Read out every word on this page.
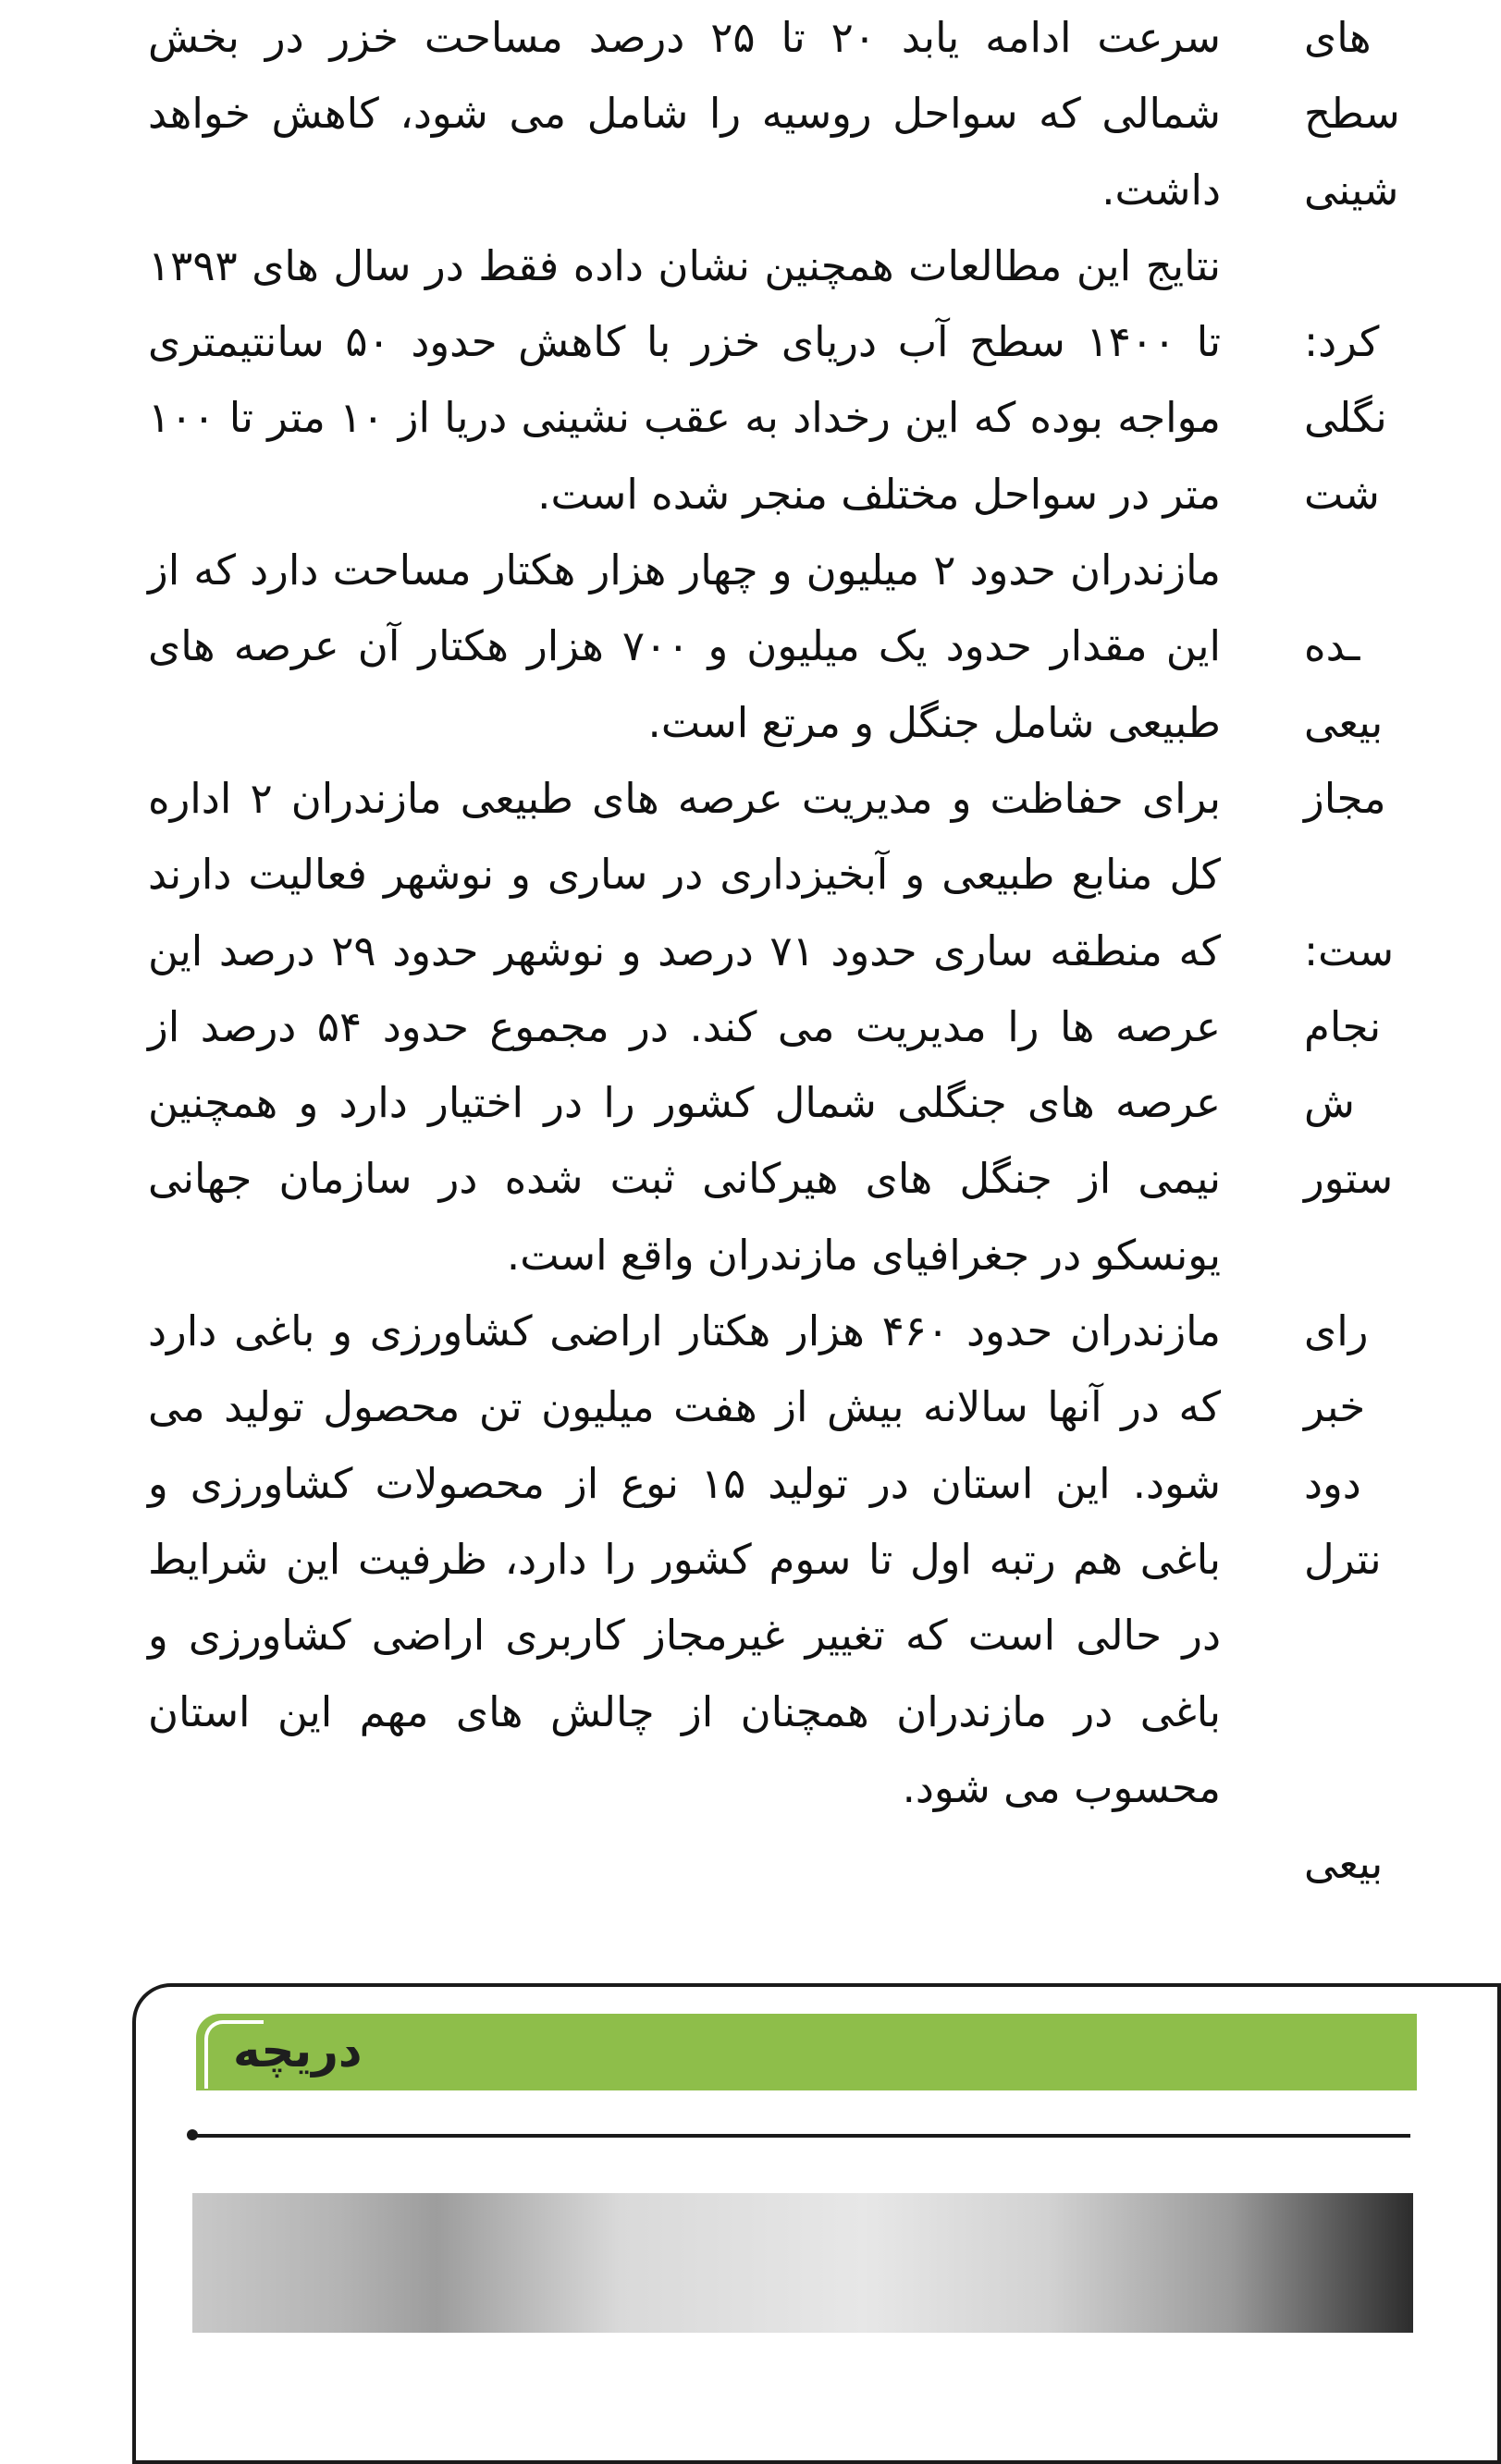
سرعت ادامه یابد ۲۰ تا ۲۵ درصد مساحت خزر در بخش شمالی که سواحل روسیه را شامل می شود، کاهش خواهد داشت.

نتایج این مطالعات همچنین نشان داده فقط در سال های ۱۳۹۳ تا ۱۴۰۰ سطح آب دریای خزر با کاهش حدود ۵۰ سانتیمتری مواجه بوده که این رخداد به عقب نشینی دریا از ۱۰ متر تا ۱۰۰ متر در سواحل مختلف منجر شده است.

مازندران حدود ۲ میلیون و چهار هزار هکتار مساحت دارد که از این مقدار حدود یک میلیون و ۷۰۰ هزار هکتار آن عرصه های طبیعی شامل جنگل و مرتع است.

برای حفاظت و مدیریت عرصه های طبیعی مازندران ۲ اداره کل منابع طبیعی و آبخیزداری در ساری و نوشهر فعالیت دارند که منطقه ساری حدود ۷۱ درصد و نوشهر حدود ۲۹ درصد این عرصه ها را مدیریت می کند. در مجموع حدود ۵۴ درصد از عرصه های جنگلی شمال کشور را در اختیار دارد و همچنین نیمی از جنگل های هیرکانی ثبت شده در سازمان جهانی یونسکو در جغرافیای مازندران واقع است.

مازندران حدود ۴۶۰ هزار هکتار اراضی کشاورزی و باغی دارد که در آنها سالانه بیش از هفت میلیون تن محصول تولید می شود. این استان در تولید ۱۵ نوع از محصولات کشاورزی و باغی هم رتبه اول تا سوم کشور را دارد، ظرفیت این شرایط در حالی است که تغییر غیرمجاز کاربری اراضی کشاورزی و باغی در مازندران همچنان از چالش های مهم این استان محسوب می شود.

های
سطح
شینی
کرد:
نگلی
شت
ـده
بیعی
مجاز
ست:
نجام
ش
ستور
رای
خبر
دود
نترل
بیعی
دریچه
